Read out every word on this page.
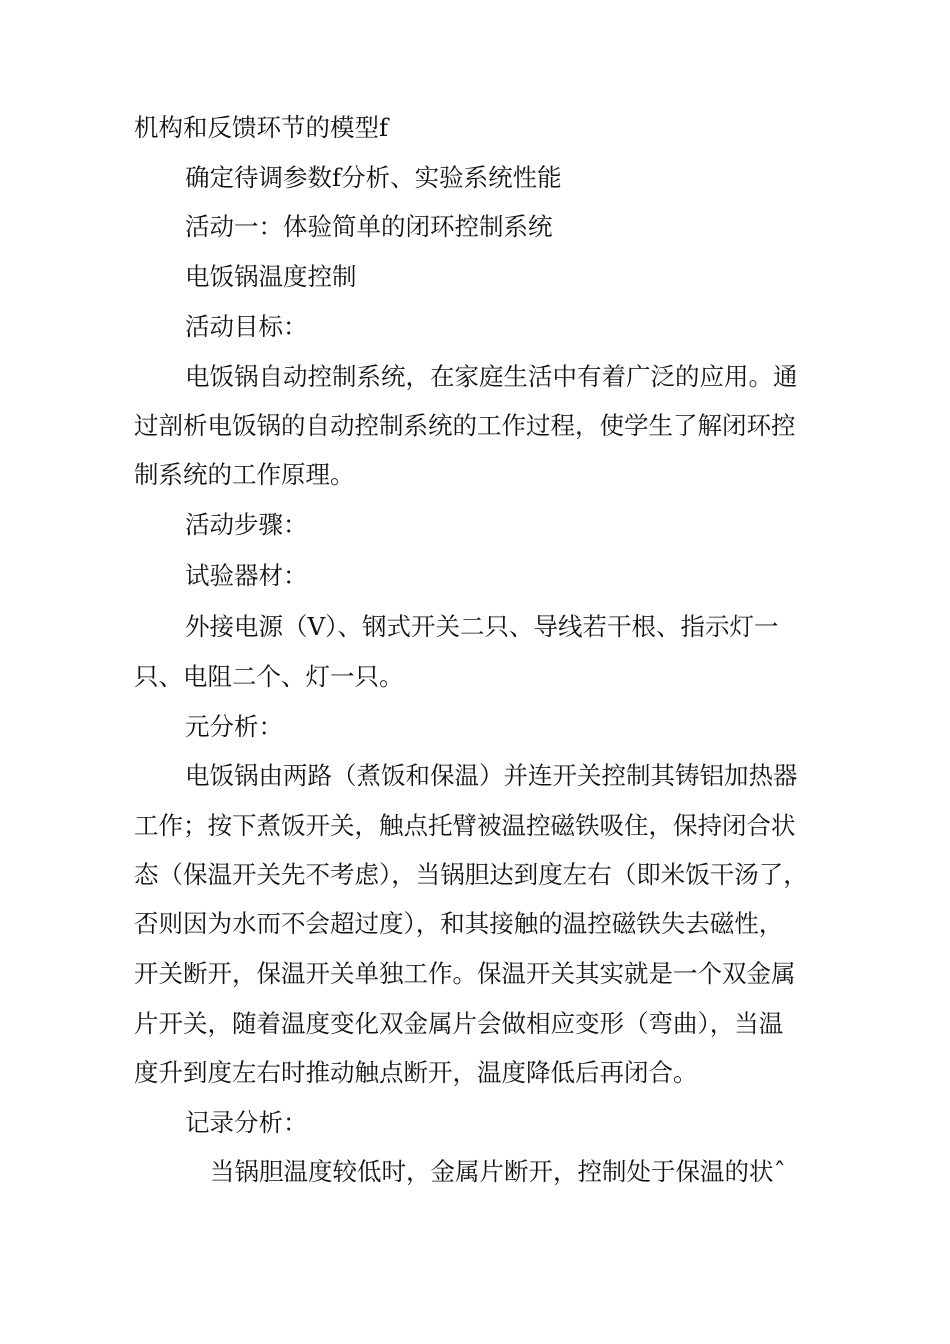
机构和反馈环节的模型f
确定待调参数f分析、实验系统性能
活动一：体验简单的闭环控制系统
电饭锅温度控制
活动目标：
电饭锅自动控制系统，在家庭生活中有着广泛的应用。通
过剖析电饭锅的自动控制系统的工作过程，使学生了解闭环控
制系统的工作原理。
活动步骤：
试验器材：
外接电源（V）、钢式开关二只、导线若干根、指示灯一
只、电阻二个、灯一只。
元分析：
电饭锅由两路（煮饭和保温）并连开关控制其铸铝加热器
工作；按下煮饭开关，触点托臂被温控磁铁吸住，保持闭合状
态（保温开关先不考虑），当锅胆达到度左右（即米饭干汤了，
否则因为水而不会超过度），和其接触的温控磁铁失去磁性，
开关断开，保温开关单独工作。保温开关其实就是一个双金属
片开关，随着温度变化双金属片会做相应变形（弯曲），当温
度升到度左右时推动触点断开，温度降低后再闭合。
记录分析：
当锅胆温度较低时，金属片断开，控制处于保温的状ˆ
